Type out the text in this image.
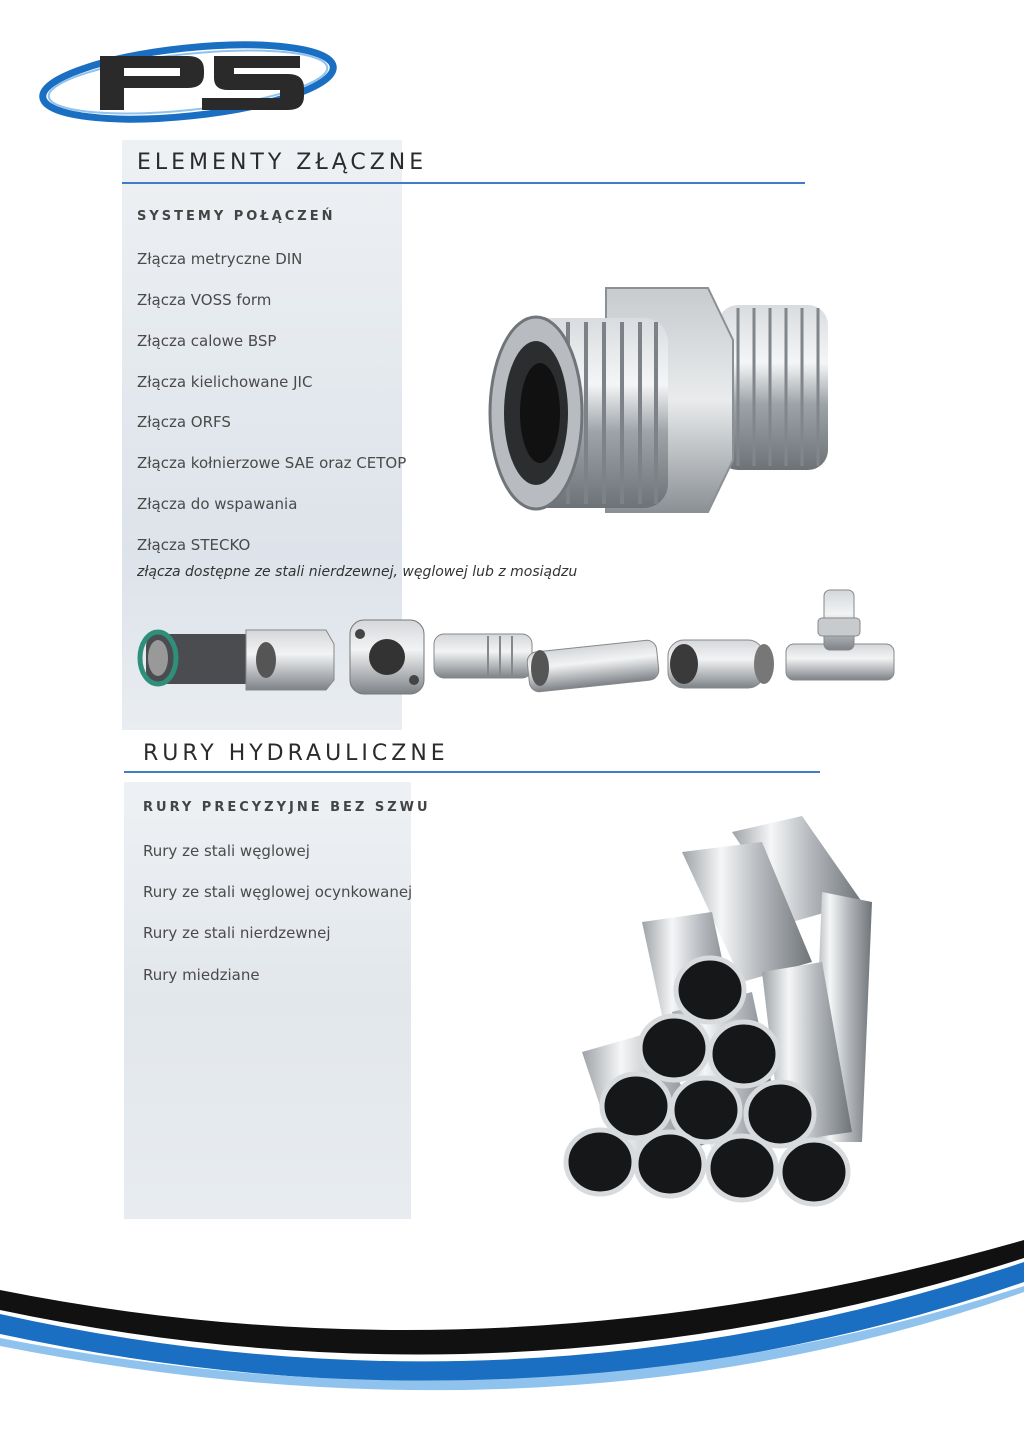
ELEMENTY ZŁĄCZNE
SYSTEMY POŁĄCZEŃ
Złącza metryczne DIN
Złącza VOSS form
Złącza calowe BSP
Złącza kielichowane JIC
Złącza ORFS
Złącza kołnierzowe SAE oraz CETOP
Złącza do wspawania
Złącza STECKO
złącza dostępne ze stali nierdzewnej, węglowej lub z mosiądzu
RURY HYDRAULICZNE
RURY PRECYZYJNE BEZ SZWU
Rury ze stali węglowej
Rury ze stali węglowej ocynkowanej
Rury ze stali nierdzewnej
Rury miedziane
